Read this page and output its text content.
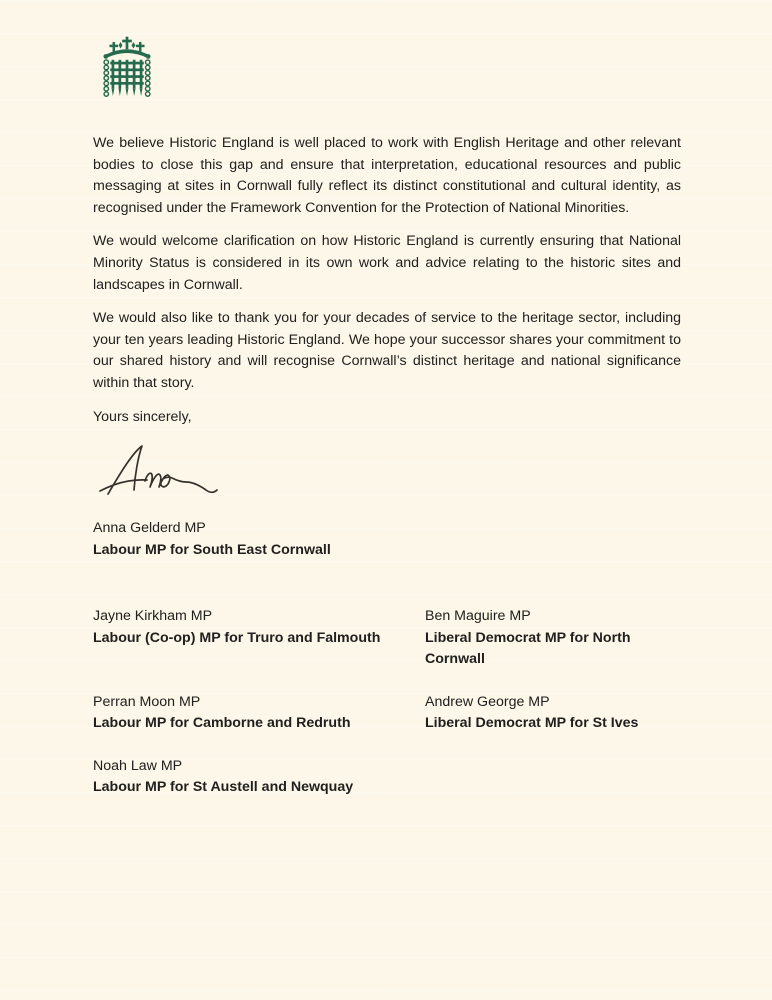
We believe Historic England is well placed to work with English Heritage and other relevant bodies to close this gap and ensure that interpretation, educational resources and public messaging at sites in Cornwall fully reflect its distinct constitutional and cultural identity, as recognised under the Framework Convention for the Protection of National Minorities.

We would welcome clarification on how Historic England is currently ensuring that National Minority Status is considered in its own work and advice relating to the historic sites and landscapes in Cornwall.

We would also like to thank you for your decades of service to the heritage sector, including your ten years leading Historic England. We hope your successor shares your commitment to our shared history and will recognise Cornwall’s distinct heritage and national significance within that story.

Yours sincerely,

Anna Gelderd MP
Labour MP for South East Cornwall
Jayne Kirkham MP
Labour (Co-op) MP for Truro and Falmouth
Ben Maguire MP
Liberal Democrat MP for North Cornwall
Perran Moon MP
Labour MP for Camborne and Redruth
Andrew George MP
Liberal Democrat MP for St Ives
Noah Law MP
Labour MP for St Austell and Newquay
